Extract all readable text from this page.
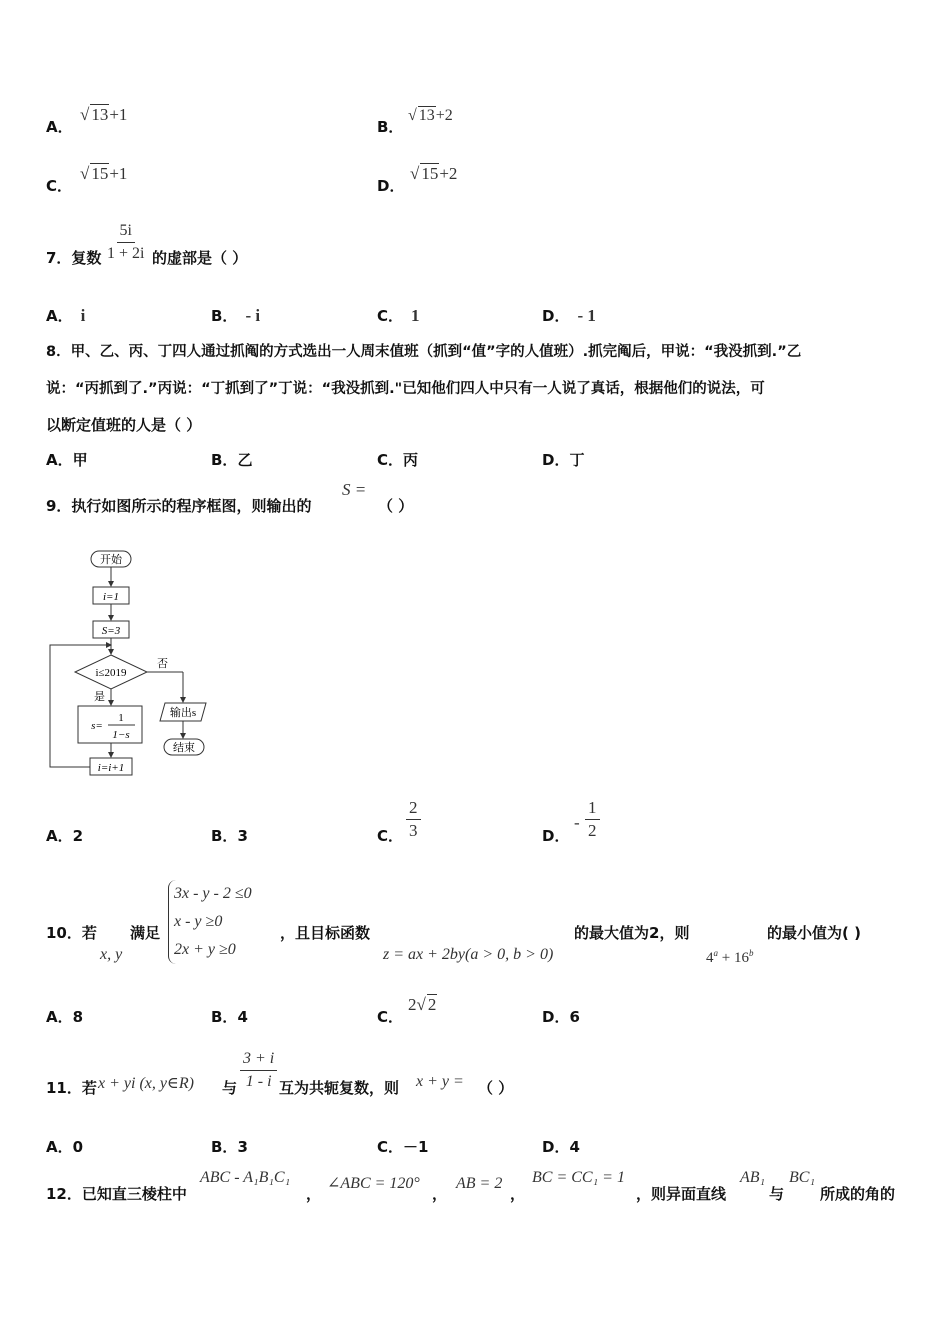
A．
√ 13+1
B．
√ 13+2
C．
√ 15+1
D．
√ 15+2
7．复数 $\frac{5i}{1 + 2i}$ 的虚部是（ ）
A． i	B． - i	C． 1	D． - 1
8．甲、乙、丙、丁四人通过抓阄的方式选出一人周末值班（抓到“值”字的人值班）.抓完阄后，甲说：“我没抓到.”乙
说：“丙抓到了.”丙说：“丁抓到了”丁说：“我没抓到."已知他们四人中只有一人说了真话，根据他们的说法，可
以断定值班的人是（ ）
A．甲	B．乙	C．丙	D．丁
9．执行如图所示的程序框图，则输出的
S =
（ ）
开始
i=1
S=3
i≤2019
否
是
输出s
结束
s=
1
1−s
i=i+1
A．2	B．3	C． $\frac{2}{3}$	D．
- $\frac{1}{2}$
10．若
x, y
满足
3x - y - 2 ≤0
x - y ≥0
2x + y ≥0
，且目标函数
z = ax + 2by(a > 0, b > 0)
的最大值为2，则
$4^a + 16^b$
的最小值为( )
A．8	B．4	C．
2√ 2
D．6
11．若 x + yi (x, y∈R) 与 $\frac{3 + i}{1 - i}$ 互为共轭复数，则 x + y = （ ）
A．0	B．3	C．－1	D．4
12．已知直三棱柱中
ABC - A₁B₁C₁
，
∠ABC = 120°
，
AB = 2
，
BC = CC₁ = 1
，则异面直线
AB₁
与
BC₁
所成的角的
